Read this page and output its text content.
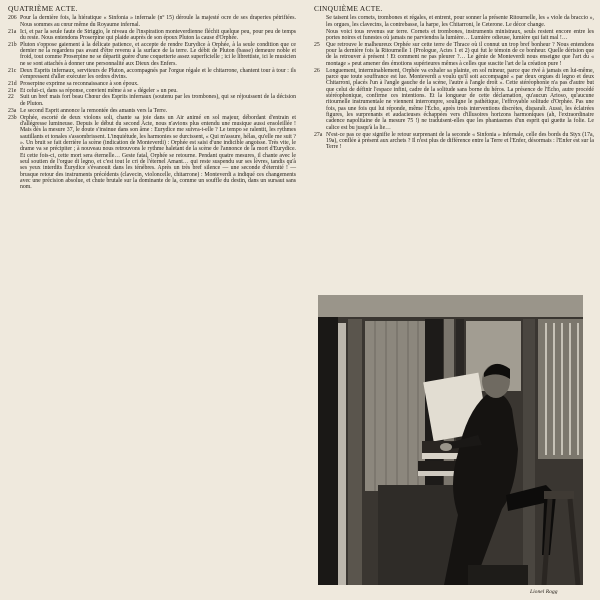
QUATRIÈME ACTE.
206 Pour la dernière fois, la hiératique « Sinfonia » infernale (nº 15) déroule la majesté ocre de ses draperies pétrifiées. Nous sommes au cœur même du Royaume infernal.
21a Ici, et par la seule faute de Striggio, le niveau de l'inspiration monteverdienne fléchit quelque peu, pour peu de temps du reste. Nous entendons Proserpine qui plaide auprès de son époux Pluton la cause d'Orphée.
21b Pluton s'oppose gaiement à la délicate patience, et accepte de rendre Eurydice à Orphée, à la seule condition que ce dernier ne la regardera pas avant d'être revenu à la surface de la terre. Le débit de Pluton (basse) demeure noble et froid, tout comme Proserpine ne se départit guère d'une coquetterie assez superficielle ; ici le librettiste, ici le musicien ne se sont attachés à donner une personnalité aux Dieux des Enfers.
21c Deux Esprits infernaux, serviteurs de Pluton, accompagnés par l'orgue régale et le chitarrone, chantent tour à tour : ils s'empressent d'aller exécuter les ordres divins.
21d Proserpine exprime sa reconnaissance à son époux.
21e Et celui-ci, dans sa réponse, convient même à se « dégeler » un peu.
22	Suit un bref mais fort beau Chœur des Esprits infernaux (soutenu par les trombones), qui se réjouissent de la décision de Pluton.
23a Le second Esprit annonce la remontée des amants vers la Terre.
23b Orphée, escorté de deux violons soli, chante sa joie dans un Air animé en sol majeur, débordant d'entrain et d'allégresse lumineuse. Depuis le début du second Acte, nous n'avions plus entendu une musique aussi ensoleillée ! Mais dès la mesure 37, le doute s'insinue dans son âme : Eurydice me suivra-t-elle ? Le tempo se ralentit, les rythmes sautillants et tonales s'assombrissent. L'inquiétude, les harmonies se durcissent, « Qui m'assure, hélas, qu'elle me suit ? ». Un bruit se fait derrière la scène (indication de Monteverdi) : Orphée est saisi d'une indicible angoisse. Très vite, le drame va se précipiter ; à nouveau nous retrouvons le rythme haletant de la scène de l'annonce de la mort d'Eurydice. Et cette fois-ci, cette mort sera éternelle… Geste fatal, Orphée se retourne. Pendant quatre mesures, il chante avec le seul soutien de l'orgue di legno, et c'est tout le cri de l'éternel Amant… qui reste suspendu sur ses lèvres, tandis qu'à ses yeux interdits Eurydice s'évanouit dans les ténèbres. Après un très bref silence — une seconde d'éternité ! — brusque retour des instruments précédents (clavecin, violoncelle, chitarrone) : Monteverdi a indiqué ces changements avec une précision absolue, et chute brutale sur la dominante de la, comme un souffle du destin, dans un sursaut sans nom.
CINQUIÈME ACTE.
Se taisent les cornets, trombones et régales, et entrent, pour sonner la présente Ritournelle, les « viole da braccio », les orgues, les clavecins, la contrebasse, la harpe, les Chitarroni, le Ceterone. Le décor change.
Nous voici tous revenus sur terre. Cornets et trombones, instruments ministraux, seuls restent encore entre les portes noires et funestes où jamais ne parviendra la lumière… Lumière odieuse, lumière qui fait mal !…
25	Que retrouve le malheureux Orphée sur cette terre de Thrace où il connut un trop bref bonheur ? Nous entendons pour la dernière fois la Ritournelle 1 (Prologue, Actes 1 et 2) qui fut le témoin de ce bonheur. Quelle dérision que de la retrouver à présent ! Et comment ne pas pleurer ?… Le génie de Monteverdi nous enseigne que l'art du « montage » peut amener des émotions supérieures mêmes à celles que suscite l'art de la création pure !
26	Longuement, interminablement, Orphée va exhaler sa plainte, en sol mineur, parce que rivé à jamais en lui-même, parce que toute souffrance est lue. Monteverdi a voulu qu'il soit accompagné « par deux orgues di legno et deux Chitarroni, placés l'un à l'angle gauche de la scène, l'autre à l'angle droit ». Cette stéréophonie n'a pas d'autre but que celui de définir l'espace infini, cadre de la solitude sans borne du héros. La présence de l'Écho, autre procédé stéréophonique, confirme ces intentions. Et la longueur de cette déclamation, qu'aucun Arioso, qu'aucune ritournelle instrumentale ne viennent interrompre, souligne le pathétique, l'effroyable solitude d'Orphée. Pas une fois, pas une fois qui lui réponde, même l'Écho, après trois interventions discrètes, disparaît. Aussi, les éclairées figures, les surprenants et audacieuses échappées vers d'illusoires horizons harmoniques (ah, l'extraordinaire cadence napolitaine de la mesure 75 !) ne traduisent-elles que les phantasmes d'un esprit qui guette la folie. Le calice est bu jusqu'à la lie…
27a N'est-ce pas ce que signifie le retour surprenant de la seconde « Sinfonia » infernale, celle des bords du Styx (17a, 19a), conflée à présent aux archets ? Il n'est plus de différence entre la Terre et l'Enfer, désormais : l'Enfer est sur la Terre !
Lionel Rogg
